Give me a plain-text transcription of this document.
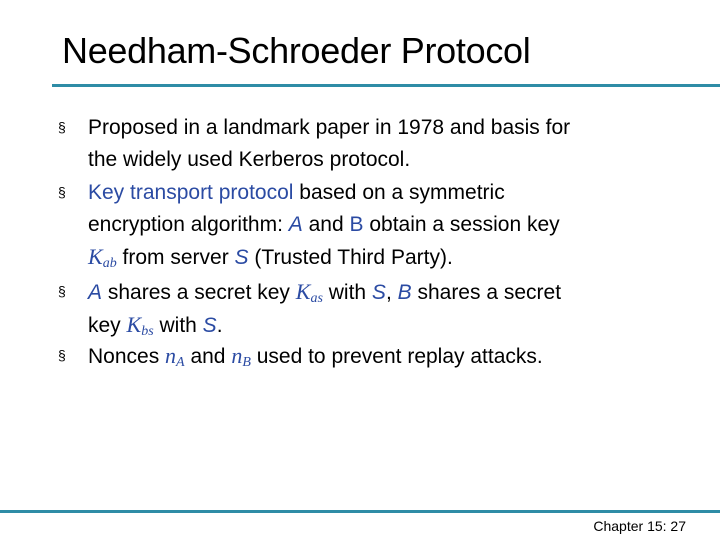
Needham-Schroeder Protocol
§ Proposed in a landmark paper in 1978 and basis for
the widely used Kerberos protocol.
§ Key transport protocol based on a symmetric
encryption algorithm: A and B obtain a session key
$K_{ab}$ from server S (Trusted Third Party).
§ A shares a secret key $K_{as}$ with S, B shares a secret
key $K_{bs}$ with S.
§ Nonces $n_A$ and $n_B$ used to prevent replay attacks.
Chapter 15: 27
